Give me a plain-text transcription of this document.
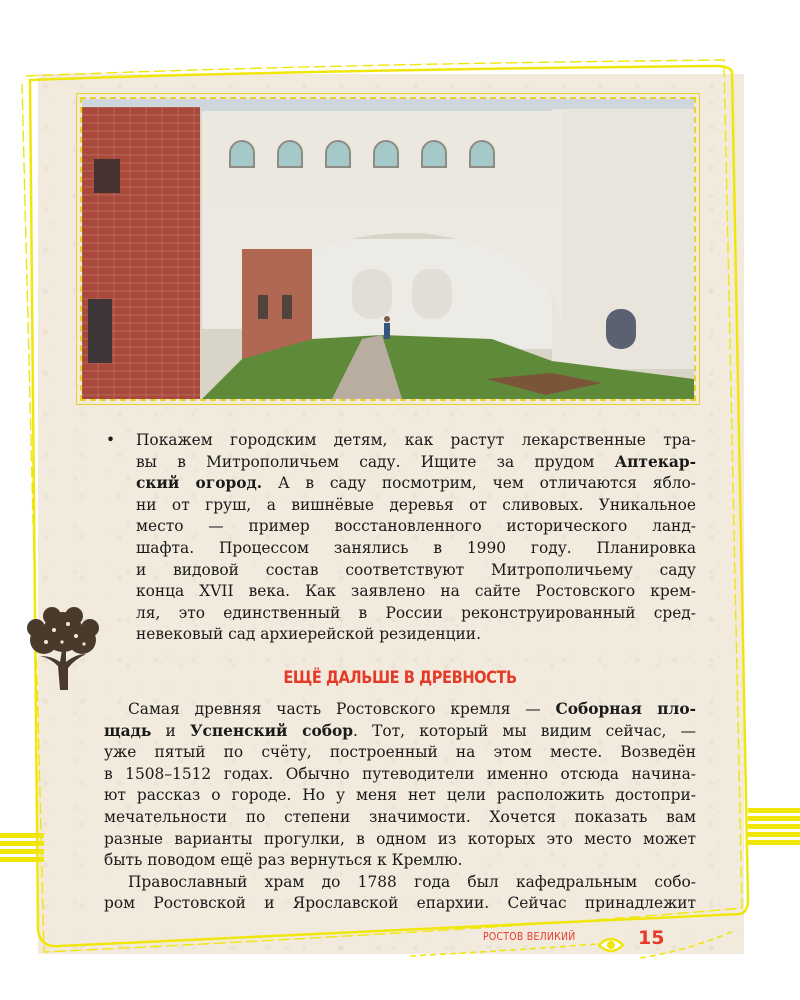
• Покажем городским детям, как растут лекарственные тра-

вы в Митрополичьем саду. Ищите за прудом Аптекар-

ский огород. А в саду посмотрим, чем отличаются ябло-

ни от груш, а вишнёвые деревья от сливовых. Уникальное

место — пример восстановленного исторического ланд-

шафта. Процессом занялись в 1990 году. Планировка

и видовой состав соответствуют Митрополичьему саду

конца XVII века. Как заявлено на сайте Ростовского крем-

ля, это единственный в России реконструированный сред-

невековый сад архиерейской резиденции.

ЕЩЁ ДАЛЬШЕ В ДРЕВНОСТЬ

Самая древняя часть Ростовского кремля — Соборная пло-

щадь и Успенский собор. Тот, который мы видим сейчас, —

уже пятый по счёту, построенный на этом месте. Возведён

в 1508–1512 годах. Обычно путеводители именно отсюда начина-

ют рассказ о городе. Но у меня нет цели расположить достопри-

мечательности по степени значимости. Хочется показать вам

разные варианты прогулки, в одном из которых это место может

быть поводом ещё раз вернуться к Кремлю.

Православный храм до 1788 года был кафедральным собо-

ром Ростовской и Ярославской епархии. Сейчас принадлежит

РОСТОВ ВЕЛИКИЙ	15
